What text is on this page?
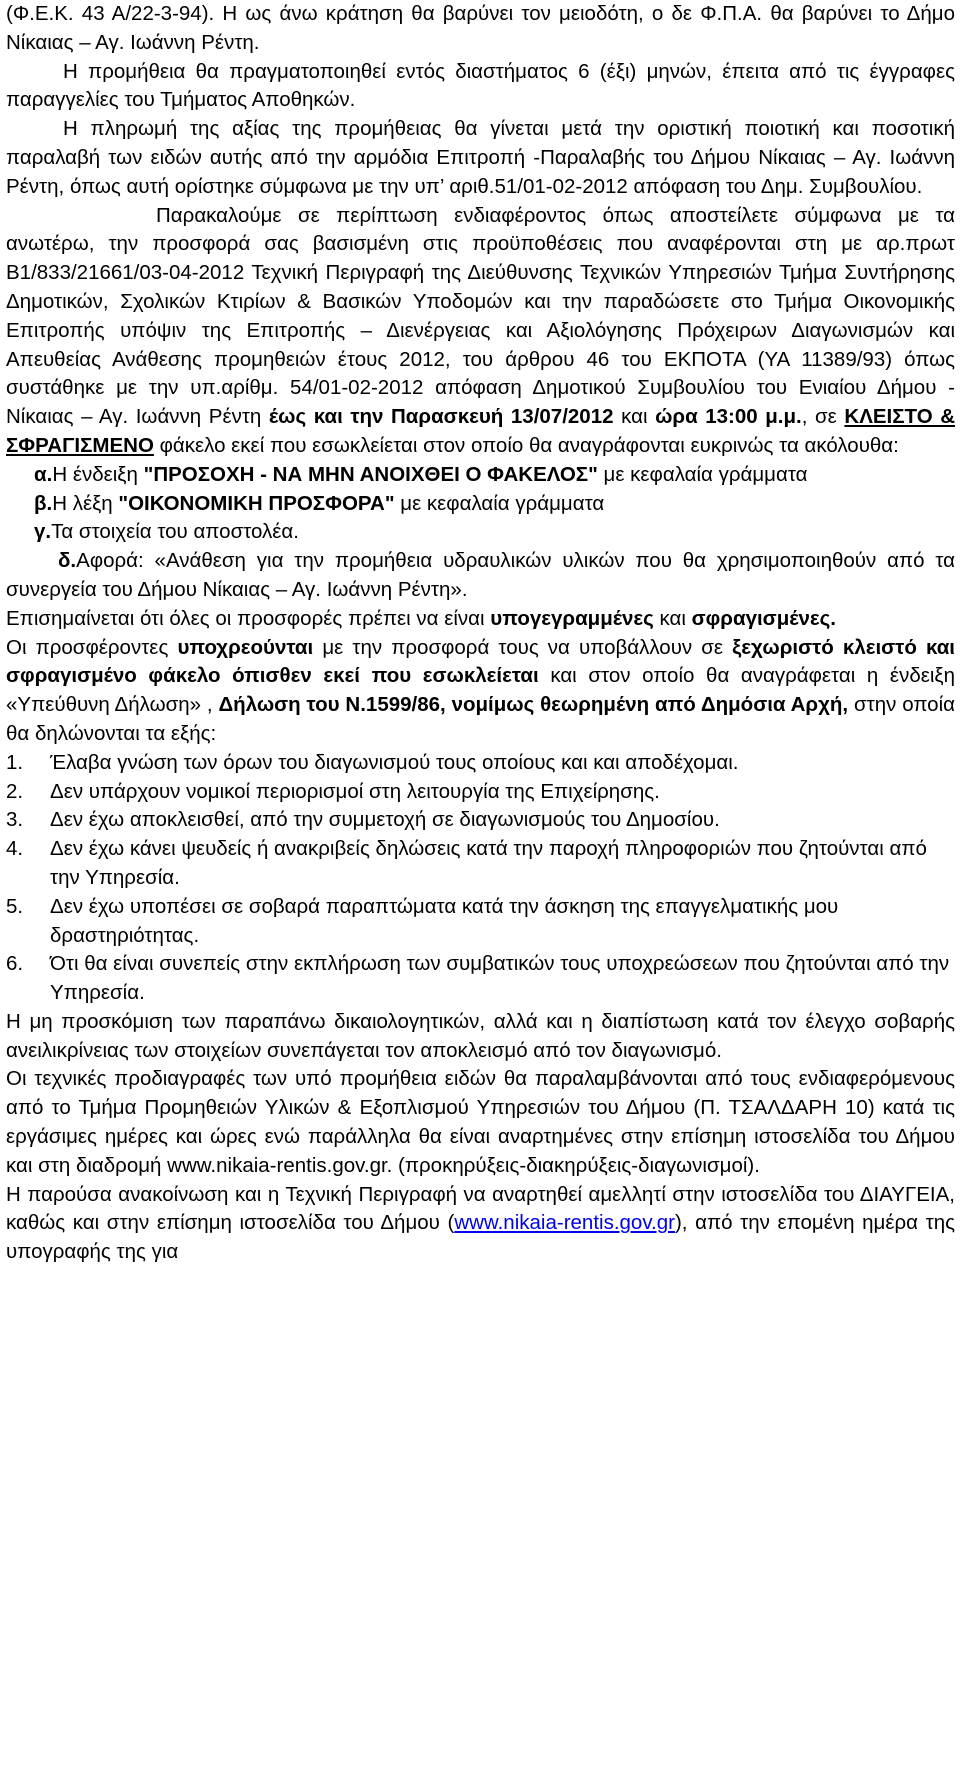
(Φ.Ε.Κ. 43 Α/22-3-94). Η ως άνω κράτηση θα βαρύνει τον μειοδότη, ο δε Φ.Π.Α. θα βαρύνει το Δήμο Νίκαιας – Αγ. Ιωάννη Ρέντη.

Η προμήθεια θα πραγματοποιηθεί εντός διαστήματος 6 (έξι) μηνών, έπειτα από τις έγγραφες παραγγελίες του Τμήματος Αποθηκών.

Η πληρωμή της αξίας της προμήθειας θα γίνεται μετά την οριστική ποιοτική και ποσοτική παραλαβή των ειδών αυτής από την αρμόδια Επιτροπή -Παραλαβής του Δήμου Νίκαιας – Αγ. Ιωάννη Ρέντη, όπως αυτή ορίστηκε σύμφωνα με την υπ’ αριθ.51/01-02-2012 απόφαση του Δημ. Συμβουλίου.

Παρακαλούμε σε περίπτωση ενδιαφέροντος όπως αποστείλετε σύμφωνα με τα ανωτέρω, την προσφορά σας βασισμένη στις προϋποθέσεις που αναφέρονται στη με αρ.πρωτ Β1/833/21661/03-04-2012 Τεχνική Περιγραφή της Διεύθυνσης Τεχνικών Υπηρεσιών Τμήμα Συντήρησης Δημοτικών, Σχολικών Κτιρίων & Βασικών Υποδομών και την παραδώσετε στο Τμήμα Οικονομικής Επιτροπής υπόψιν της Επιτροπής – Διενέργειας και Αξιολόγησης Πρόχειρων Διαγωνισμών και Απευθείας Ανάθεσης προμηθειών έτους 2012, του άρθρου 46 του ΕΚΠΟΤΑ (ΥΑ 11389/93) όπως συστάθηκε με την υπ.αρίθμ. 54/01-02-2012 απόφαση Δημοτικού Συμβουλίου του Ενιαίου Δήμου - Νίκαιας – Αγ. Ιωάννη Ρέντη έως και την Παρασκευή 13/07/2012 και ώρα 13:00 μ.μ., σε ΚΛΕΙΣΤΟ & ΣΦΡΑΓΙΣΜΕΝΟ φάκελο εκεί που εσωκλείεται στον οποίο θα αναγράφονται ευκρινώς τα ακόλουθα:

α.Η ένδειξη "ΠΡΟΣΟΧΗ - ΝΑ ΜΗΝ ΑΝΟΙΧΘΕΙ Ο ΦΑΚΕΛΟΣ" με κεφαλαία γράμματα

β.Η λέξη "ΟΙΚΟΝΟΜΙΚΗ ΠΡΟΣΦΟΡΑ" με κεφαλαία γράμματα

γ.Τα στοιχεία του αποστολέα.

δ.Αφορά: «Ανάθεση για την προμήθεια υδραυλικών υλικών που θα χρησιμοποιηθούν από τα συνεργεία του Δήμου Νίκαιας – Αγ. Ιωάννη Ρέντη».

Επισημαίνεται ότι όλες οι προσφορές πρέπει να είναι υπογεγραμμένες και σφραγισμένες.

Οι προσφέροντες υποχρεούνται με την προσφορά τους να υποβάλλουν σε ξεχωριστό κλειστό και σφραγισμένο φάκελο όπισθεν εκεί που εσωκλείεται και στον οποίο θα αναγράφεται η ένδειξη «Υπεύθυνη Δήλωση» , Δήλωση του Ν.1599/86, νομίμως θεωρημένη από Δημόσια Αρχή, στην οποία θα δηλώνονται τα εξής:

1. Έλαβα γνώση των όρων του διαγωνισμού τους οποίους και και αποδέχομαι.
2. Δεν υπάρχουν νομικοί περιορισμοί στη λειτουργία της Επιχείρησης.
3. Δεν έχω αποκλεισθεί, από την συμμετοχή σε διαγωνισμούς του Δημοσίου.
4. Δεν έχω κάνει ψευδείς ή ανακριβείς δηλώσεις κατά την παροχή πληροφοριών που ζητούνται από την Υπηρεσία.
5. Δεν έχω υποπέσει σε σοβαρά παραπτώματα κατά την άσκηση της επαγγελματικής μου δραστηριότητας.
6. Ότι θα είναι συνεπείς στην εκπλήρωση των συμβατικών τους υποχρεώσεων που ζητούνται από την Υπηρεσία.

Η μη προσκόμιση των παραπάνω δικαιολογητικών, αλλά και η διαπίστωση κατά τον έλεγχο σοβαρής ανειλικρίνειας των στοιχείων συνεπάγεται τον αποκλεισμό από τον διαγωνισμό.

Οι τεχνικές προδιαγραφές των υπό προμήθεια ειδών θα παραλαμβάνονται από τους ενδιαφερόμενους από το Τμήμα Προμηθειών Υλικών & Εξοπλισμού Υπηρεσιών του Δήμου (Π. ΤΣΑΛΔΑΡΗ 10) κατά τις εργάσιμες ημέρες και ώρες ενώ παράλληλα θα είναι αναρτημένες στην επίσημη ιστοσελίδα του Δήμου και στη διαδρομή www.nikaia-rentis.gov.gr. (προκηρύξεις-διακηρύξεις-διαγωνισμοί).

Η παρούσα ανακοίνωση και η Τεχνική Περιγραφή να αναρτηθεί αμελλητί στην ιστοσελίδα του ΔΙΑΥΓΕΙΑ, καθώς και στην επίσημη ιστοσελίδα του Δήμου (www.nikaia-rentis.gov.gr), από την επομένη ημέρα της υπογραφής της για
